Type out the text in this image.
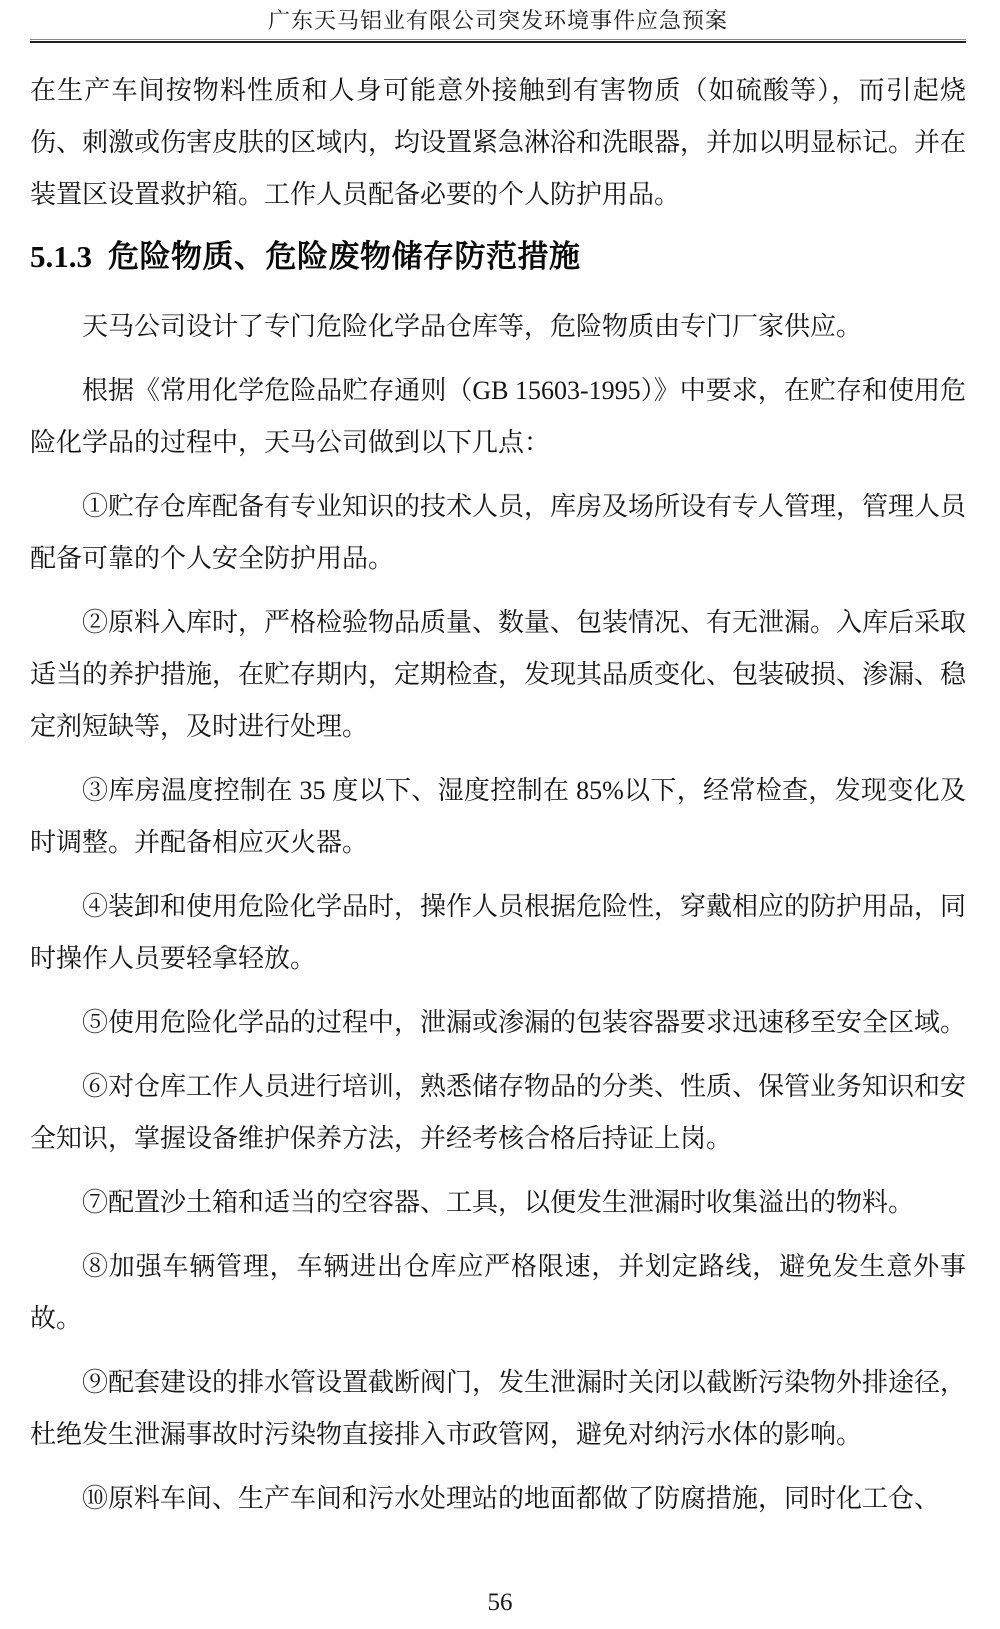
广东天马铝业有限公司突发环境事件应急预案

在生产车间按物料性质和人身可能意外接触到有害物质（如硫酸等），而引起烧伤、刺激或伤害皮肤的区域内，均设置紧急淋浴和洗眼器，并加以明显标记。并在装置区设置救护箱。工作人员配备必要的个人防护用品。

5.1.3 危险物质、危险废物储存防范措施

天马公司设计了专门危险化学品仓库等，危险物质由专门厂家供应。

根据《常用化学危险品贮存通则（GB 15603-1995）》中要求，在贮存和使用危险化学品的过程中，天马公司做到以下几点：

①贮存仓库配备有专业知识的技术人员，库房及场所设有专人管理，管理人员配备可靠的个人安全防护用品。

②原料入库时，严格检验物品质量、数量、包装情况、有无泄漏。入库后采取适当的养护措施，在贮存期内，定期检查，发现其品质变化、包装破损、渗漏、稳定剂短缺等，及时进行处理。

③库房温度控制在 35 度以下、湿度控制在 85%以下，经常检查，发现变化及时调整。并配备相应灭火器。

④装卸和使用危险化学品时，操作人员根据危险性，穿戴相应的防护用品，同时操作人员要轻拿轻放。

⑤使用危险化学品的过程中，泄漏或渗漏的包装容器要求迅速移至安全区域。

⑥对仓库工作人员进行培训，熟悉储存物品的分类、性质、保管业务知识和安全知识，掌握设备维护保养方法，并经考核合格后持证上岗。

⑦配置沙土箱和适当的空容器、工具，以便发生泄漏时收集溢出的物料。

⑧加强车辆管理，车辆进出仓库应严格限速，并划定路线，避免发生意外事故。

⑨配套建设的排水管设置截断阀门，发生泄漏时关闭以截断污染物外排途径，杜绝发生泄漏事故时污染物直接排入市政管网，避免对纳污水体的影响。

⑩原料车间、生产车间和污水处理站的地面都做了防腐措施，同时化工仓、

56
